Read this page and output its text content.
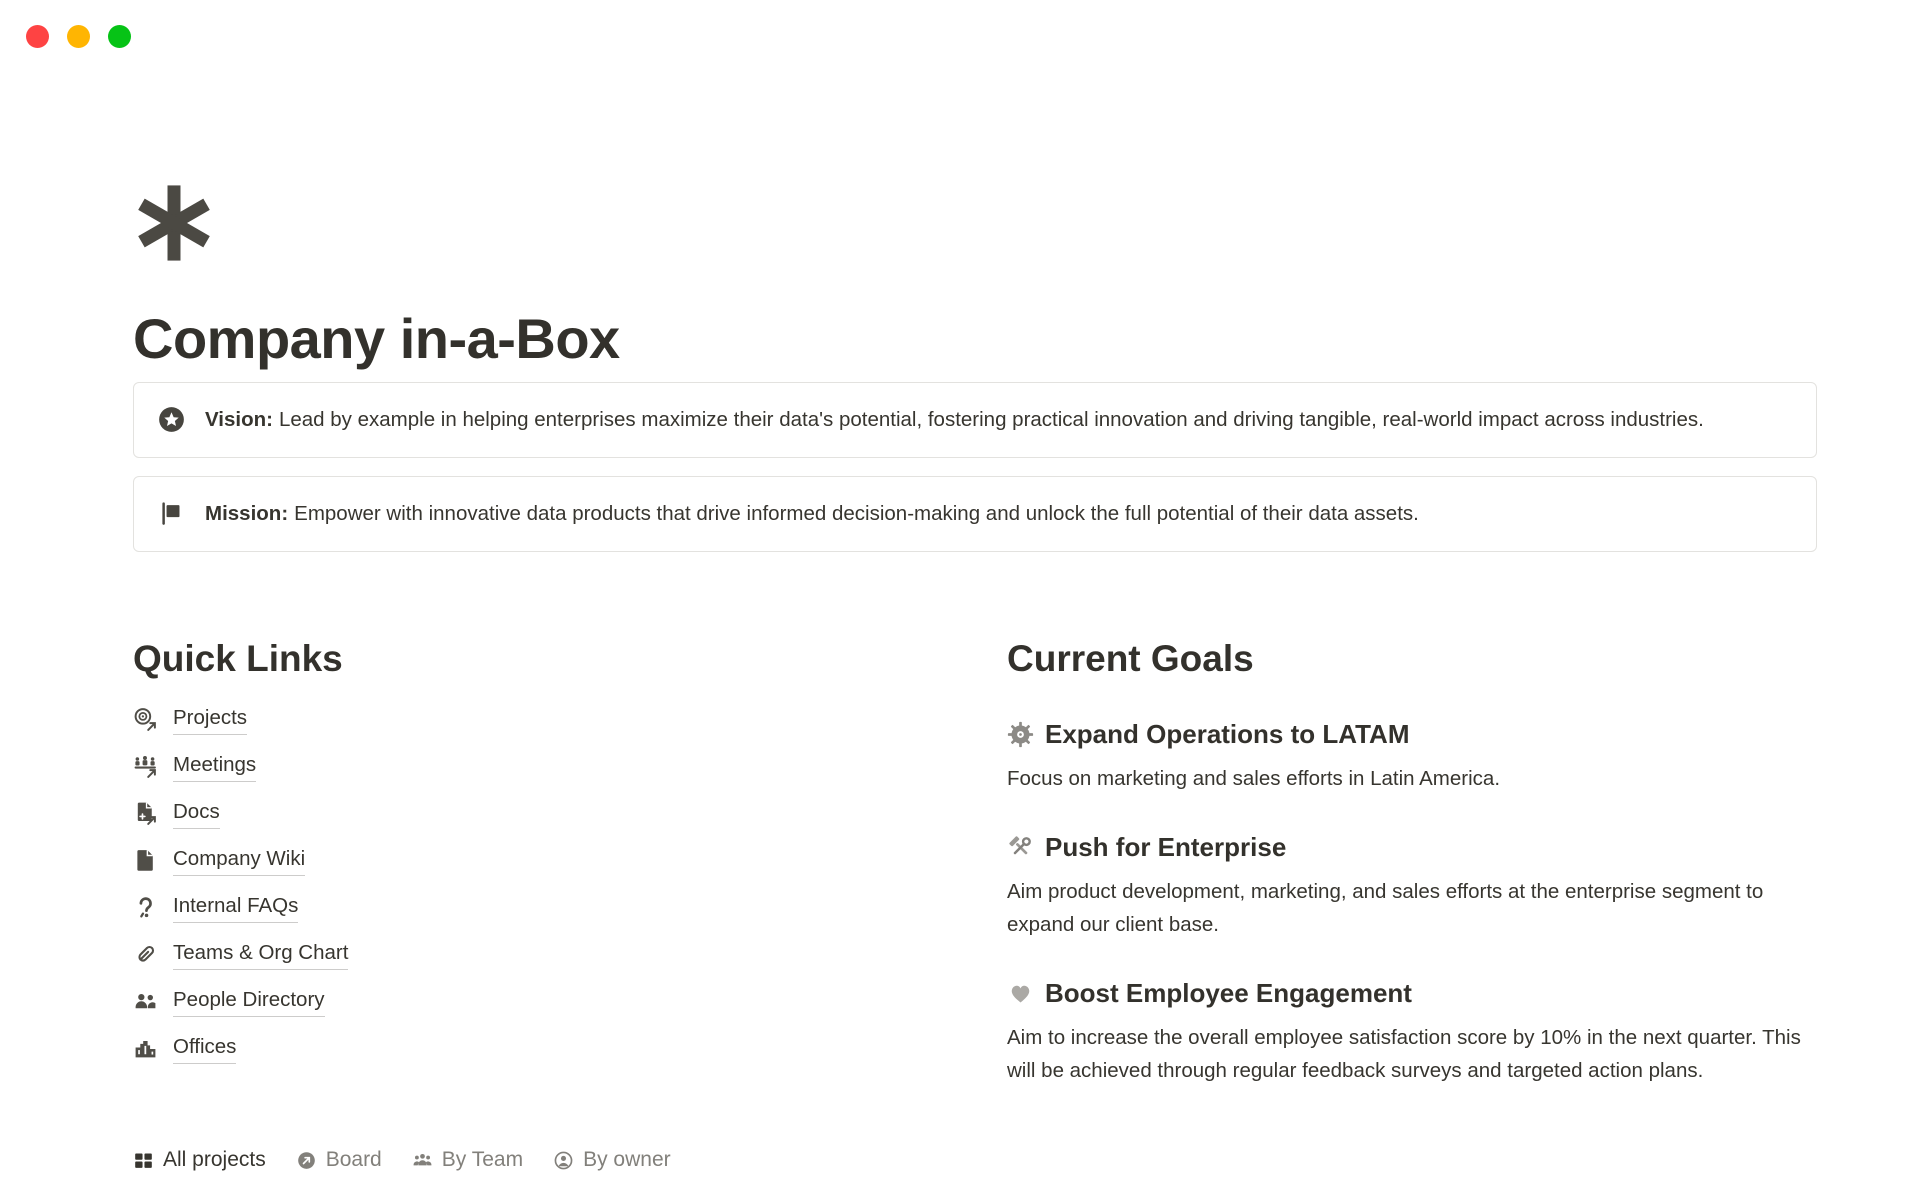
Company in-a-Box
Vision: Lead by example in helping enterprises maximize their data's potential, fostering practical innovation and driving tangible, real-world impact across industries.
Mission: Empower with innovative data products that drive informed decision-making and unlock the full potential of their data assets.
Quick Links
Projects
Meetings
Docs
Company Wiki
Internal FAQs
Teams & Org Chart
People Directory
Offices
Current Goals
Expand Operations to LATAM

Focus on marketing and sales efforts in Latin America.

Push for Enterprise

Aim product development, marketing, and sales efforts at the enterprise segment to expand our client base.

Boost Employee Engagement

Aim to increase the overall employee satisfaction score by 10% in the next quarter. This will be achieved through regular feedback surveys and targeted action plans.

All projects	Board	By Team	By owner
